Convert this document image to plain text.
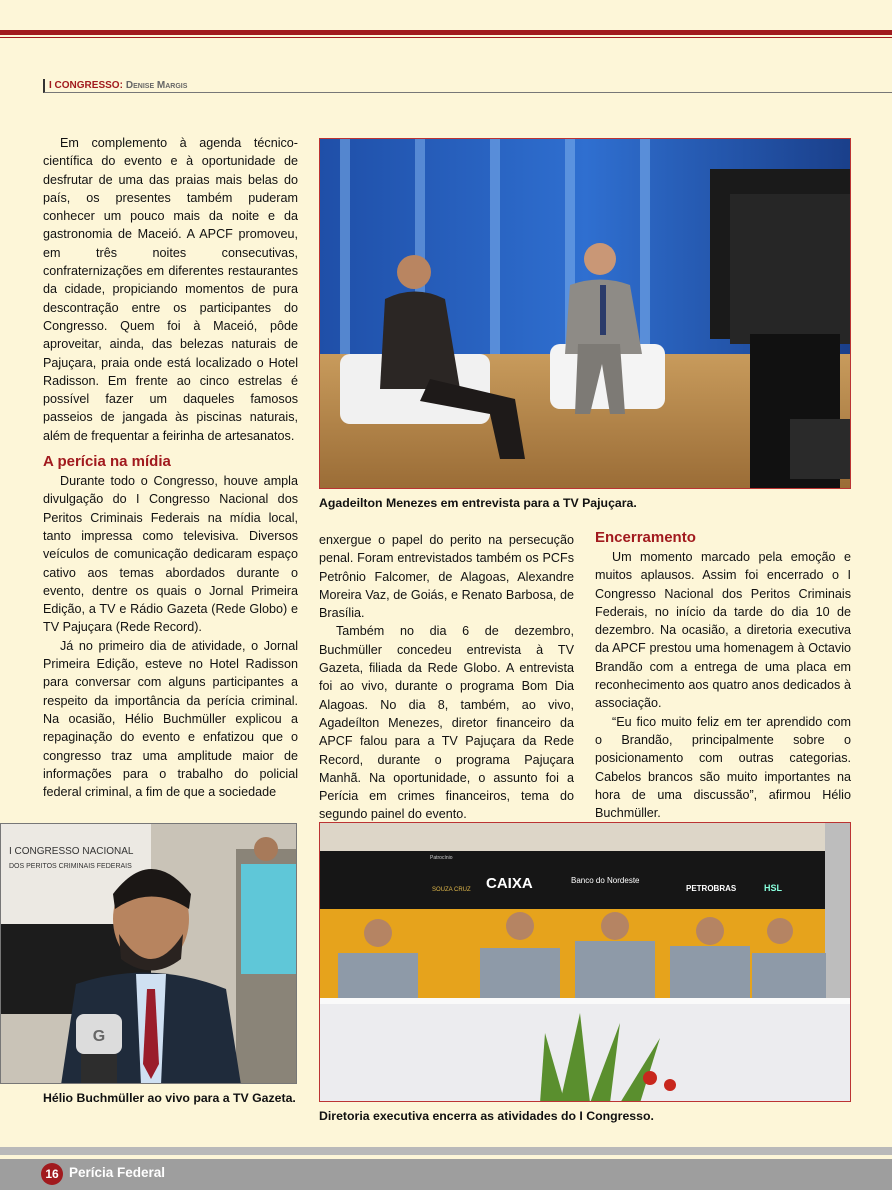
I CONGRESSO: Denise Margis

Em complemento à agenda técnico-científica do evento e à oportunidade de desfrutar de uma das praias mais belas do país, os presentes também puderam conhecer um pouco mais da noite e da gastronomia de Maceió. A APCF promoveu, em três noites consecutivas, confraternizações em diferentes restaurantes da cidade, propiciando momentos de pura descontração entre os participantes do Congresso. Quem foi à Maceió, pôde aproveitar, ainda, das belezas naturais de Pajuçara, praia onde está localizado o Hotel Radisson. Em frente ao cinco estrelas é possível fazer um daqueles famosos passeios de jangada às piscinas naturais, além de frequentar a feirinha de artesanatos.

A perícia na mídia

Durante todo o Congresso, houve ampla divulgação do I Congresso Nacional dos Peritos Criminais Federais na mídia local, tanto impressa como televisiva. Diversos veículos de comunicação dedicaram espaço cativo aos temas abordados durante o evento, dentre os quais o Jornal Primeira Edição, a TV e Rádio Gazeta (Rede Globo) e TV Pajuçara (Rede Record).

Já no primeiro dia de atividade, o Jornal Primeira Edição, esteve no Hotel Radisson para conversar com alguns participantes a respeito da importância da perícia criminal. Na ocasião, Hélio Buchmüller explicou a repaginação do evento e enfatizou que o congresso traz uma amplitude maior de informações para o trabalho do policial federal criminal, a fim de que a sociedade

enxergue o papel do perito na persecução penal. Foram entrevistados também os PCFs Petrônio Falcomer, de Alagoas, Alexandre Moreira Vaz, de Goiás, e Renato Barbosa, de Brasília.

Também no dia 6 de dezembro, Buchmüller concedeu entrevista à TV Gazeta, filiada da Rede Globo. A entrevista foi ao vivo, durante o programa Bom Dia Alagoas. No dia 8, também, ao vivo, Agadeílton Menezes, diretor financeiro da APCF falou para a TV Pajuçara da Rede Record, durante o programa Pajuçara Manhã. Na oportunidade, o assunto foi a Perícia em crimes financeiros, tema do segundo painel do evento.

Encerramento

Um momento marcado pela emoção e muitos aplausos. Assim foi encerrado o I Congresso Nacional dos Peritos Criminais Federais, no início da tarde do dia 10 de dezembro. Na ocasião, a diretoria executiva da APCF prestou uma homenagem à Octavio Brandão com a entrega de uma placa em reconhecimento aos quatro anos dedicados à associação.

“Eu fico muito feliz em ter aprendido com o Brandão, principalmente sobre o posicionamento com outras categorias. Cabelos brancos são muito importantes na hora de uma discussão”, afirmou Hélio Buchmüller.

Agadeilton Menezes em entrevista para a TV Pajuçara.
I CONGRESSO NACIONAL
DOS PERITOS CRIMINAIS FEDERAIS
G
Hélio Buchmüller ao vivo para a TV Gazeta.
Patrocínio
SOUZA CRUZ CAIXA	Banco do Nordeste
PETROBRAS	HSL
Diretoria executiva encerra as atividades do I Congresso.
16 Perícia Federal
